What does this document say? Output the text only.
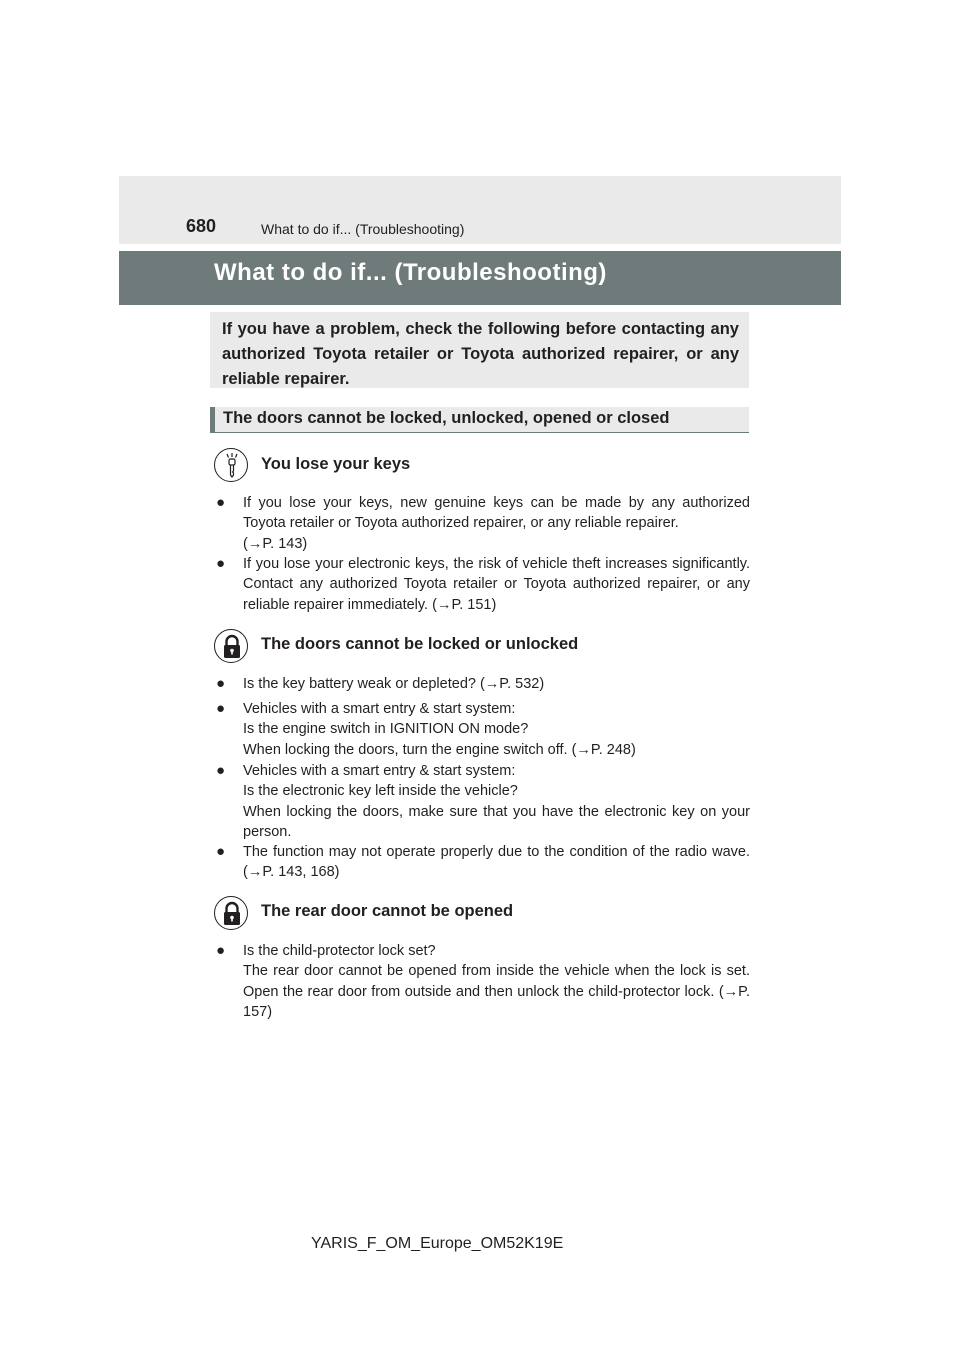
680	What to do if... (Troubleshooting)
What to do if... (Troubleshooting)
If you have a problem, check the following before contacting any authorized Toyota retailer or Toyota authorized repairer, or any reliable repairer.
The doors cannot be locked, unlocked, opened or closed
You lose your keys
● If you lose your keys, new genuine keys can be made by any authorized Toyota retailer or Toyota authorized repairer, or any reliable repairer.
(→P. 143)
● If you lose your electronic keys, the risk of vehicle theft increases significantly. Contact any authorized Toyota retailer or Toyota authorized repairer, or any reliable repairer immediately. (→P. 151)
The doors cannot be locked or unlocked
● Is the key battery weak or depleted? (→P. 532)
● Vehicles with a smart entry & start system:
Is the engine switch in IGNITION ON mode?
When locking the doors, turn the engine switch off. (→P. 248)
● Vehicles with a smart entry & start system:
Is the electronic key left inside the vehicle?
When locking the doors, make sure that you have the electronic key on your person.
● The function may not operate properly due to the condition of the radio wave. (→P. 143, 168)
The rear door cannot be opened
● Is the child-protector lock set?
The rear door cannot be opened from inside the vehicle when the lock is set. Open the rear door from outside and then unlock the child-protector lock. (→P. 157)
YARIS_F_OM_Europe_OM52K19E
